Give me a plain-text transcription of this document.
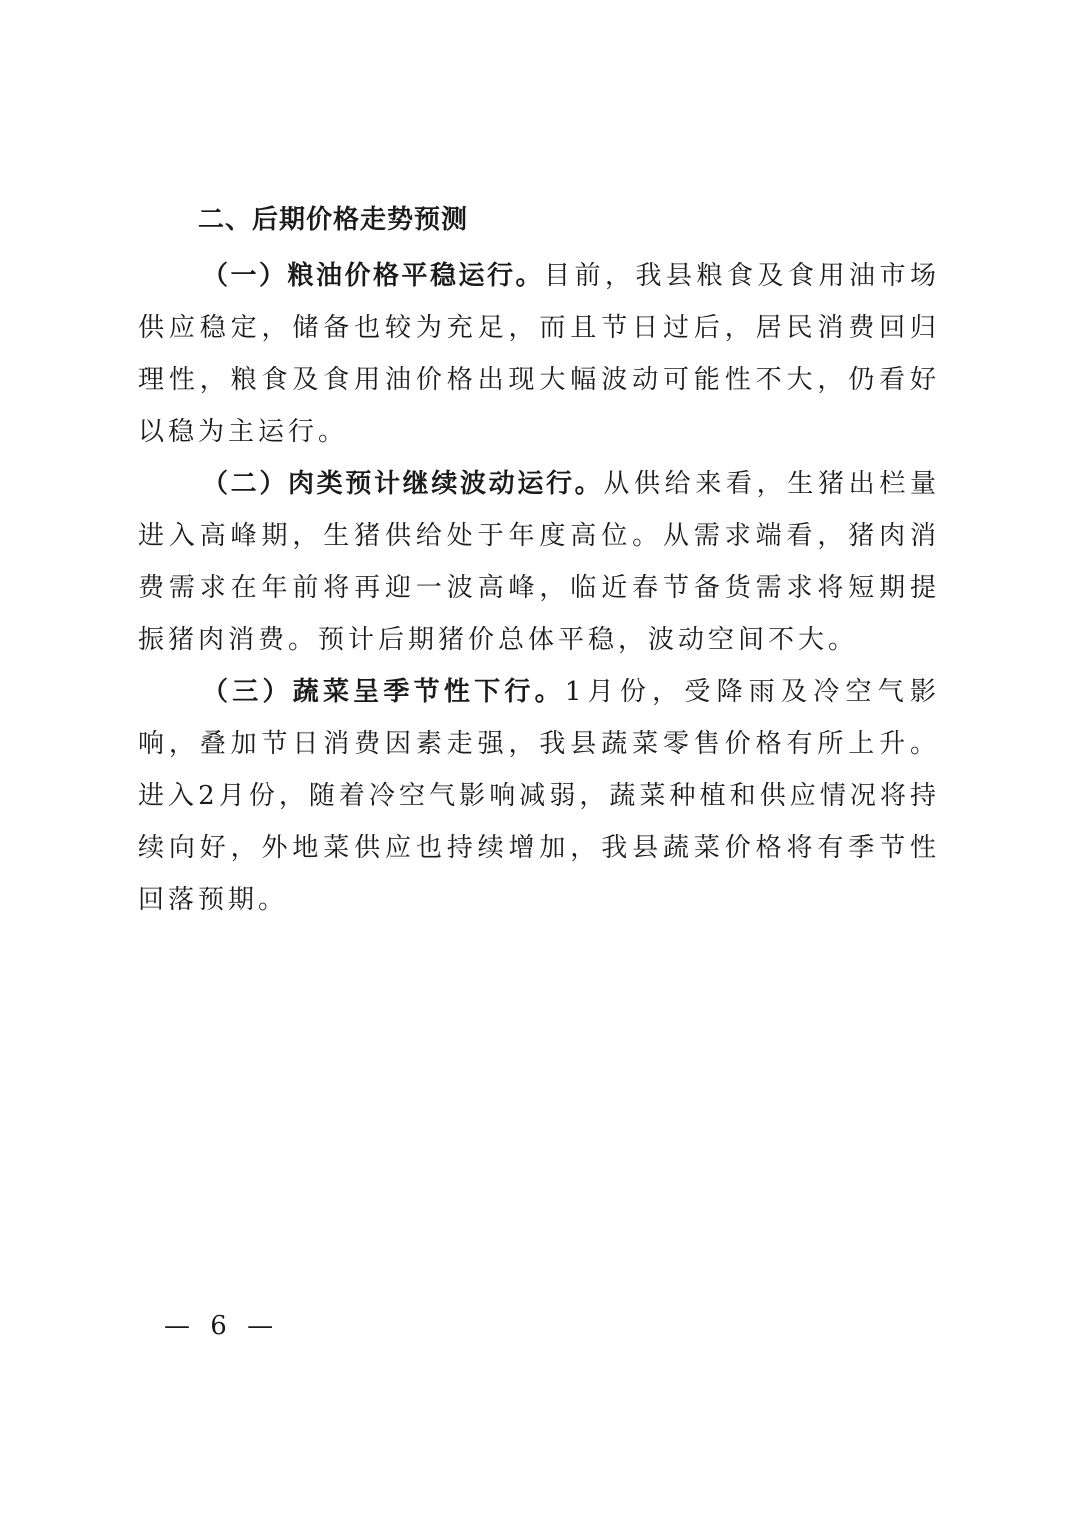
二、后期价格走势预测

（一）粮油价格平稳运行。目前，我县粮食及食用油市场供应稳定，储备也较为充足，而且节日过后，居民消费回归理性，粮食及食用油价格出现大幅波动可能性不大，仍看好以稳为主运行。

（二）肉类预计继续波动运行。从供给来看，生猪出栏量进入高峰期，生猪供给处于年度高位。从需求端看，猪肉消费需求在年前将再迎一波高峰，临近春节备货需求将短期提振猪肉消费。预计后期猪价总体平稳，波动空间不大。

（三）蔬菜呈季节性下行。1月份，受降雨及冷空气影响，叠加节日消费因素走强，我县蔬菜零售价格有所上升。进入2月份，随着冷空气影响减弱，蔬菜种植和供应情况将持续向好，外地菜供应也持续增加，我县蔬菜价格将有季节性回落预期。

— 6 —
